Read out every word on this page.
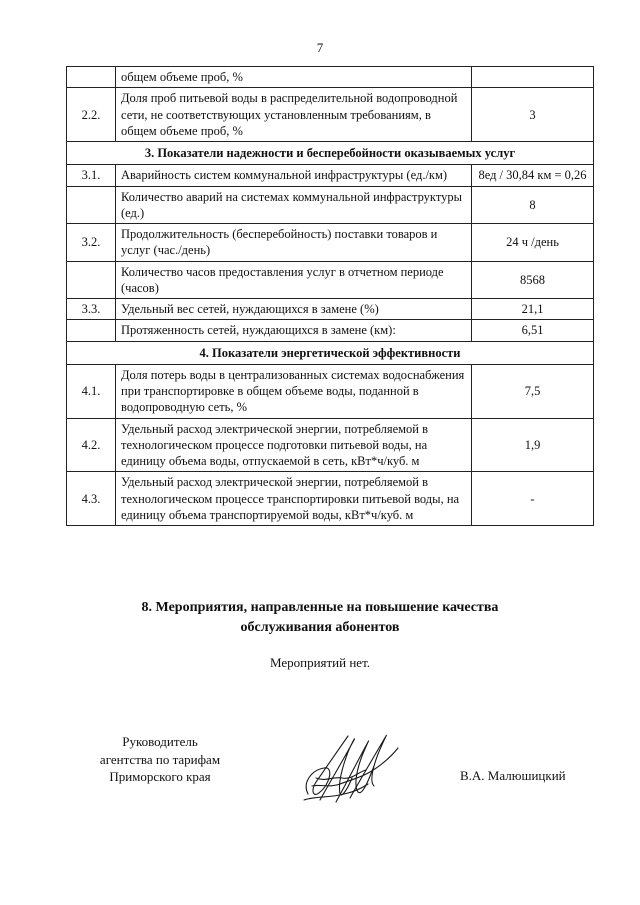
7
	общем объеме проб, %	
2.2.	Доля проб питьевой воды в распределительной водопроводной сети, не соответствующих установленным требованиям, в общем объеме проб, %	3
3. Показатели надежности и бесперебойности оказываемых услуг		
3.1.	Аварийность систем коммунальной инфраструктуры (ед./км)	8ед / 30,84 км = 0,26
	Количество аварий на системах коммунальной инфраструктуры (ед.)	8
3.2.	Продолжительность (бесперебойность) поставки товаров и услуг (час./день)	24 ч /день
	Количество часов предоставления услуг в отчетном периоде (часов)	8568
3.3.	Удельный вес сетей, нуждающихся в замене (%)	21,1
	Протяженность сетей, нуждающихся в замене (км):	6,51
4. Показатели энергетической эффективности		
4.1.	Доля потерь воды в централизованных системах водоснабжения при транспортировке в общем объеме воды, поданной в водопроводную сеть, %	7,5
4.2.	Удельный расход электрической энергии, потребляемой в технологическом процессе подготовки питьевой воды, на единицу объема воды, отпускаемой в сеть, кВт*ч/куб. м	1,9
4.3.	Удельный расход электрической энергии, потребляемой в технологическом процессе транспортировки питьевой воды, на единицу объема транспортируемой воды, кВт*ч/куб. м	-
8. Мероприятия, направленные на повышение качества
обслуживания абонентов
Мероприятий нет.
Руководитель
агентства по тарифам
Приморского края	В.А. Малюшицкий
